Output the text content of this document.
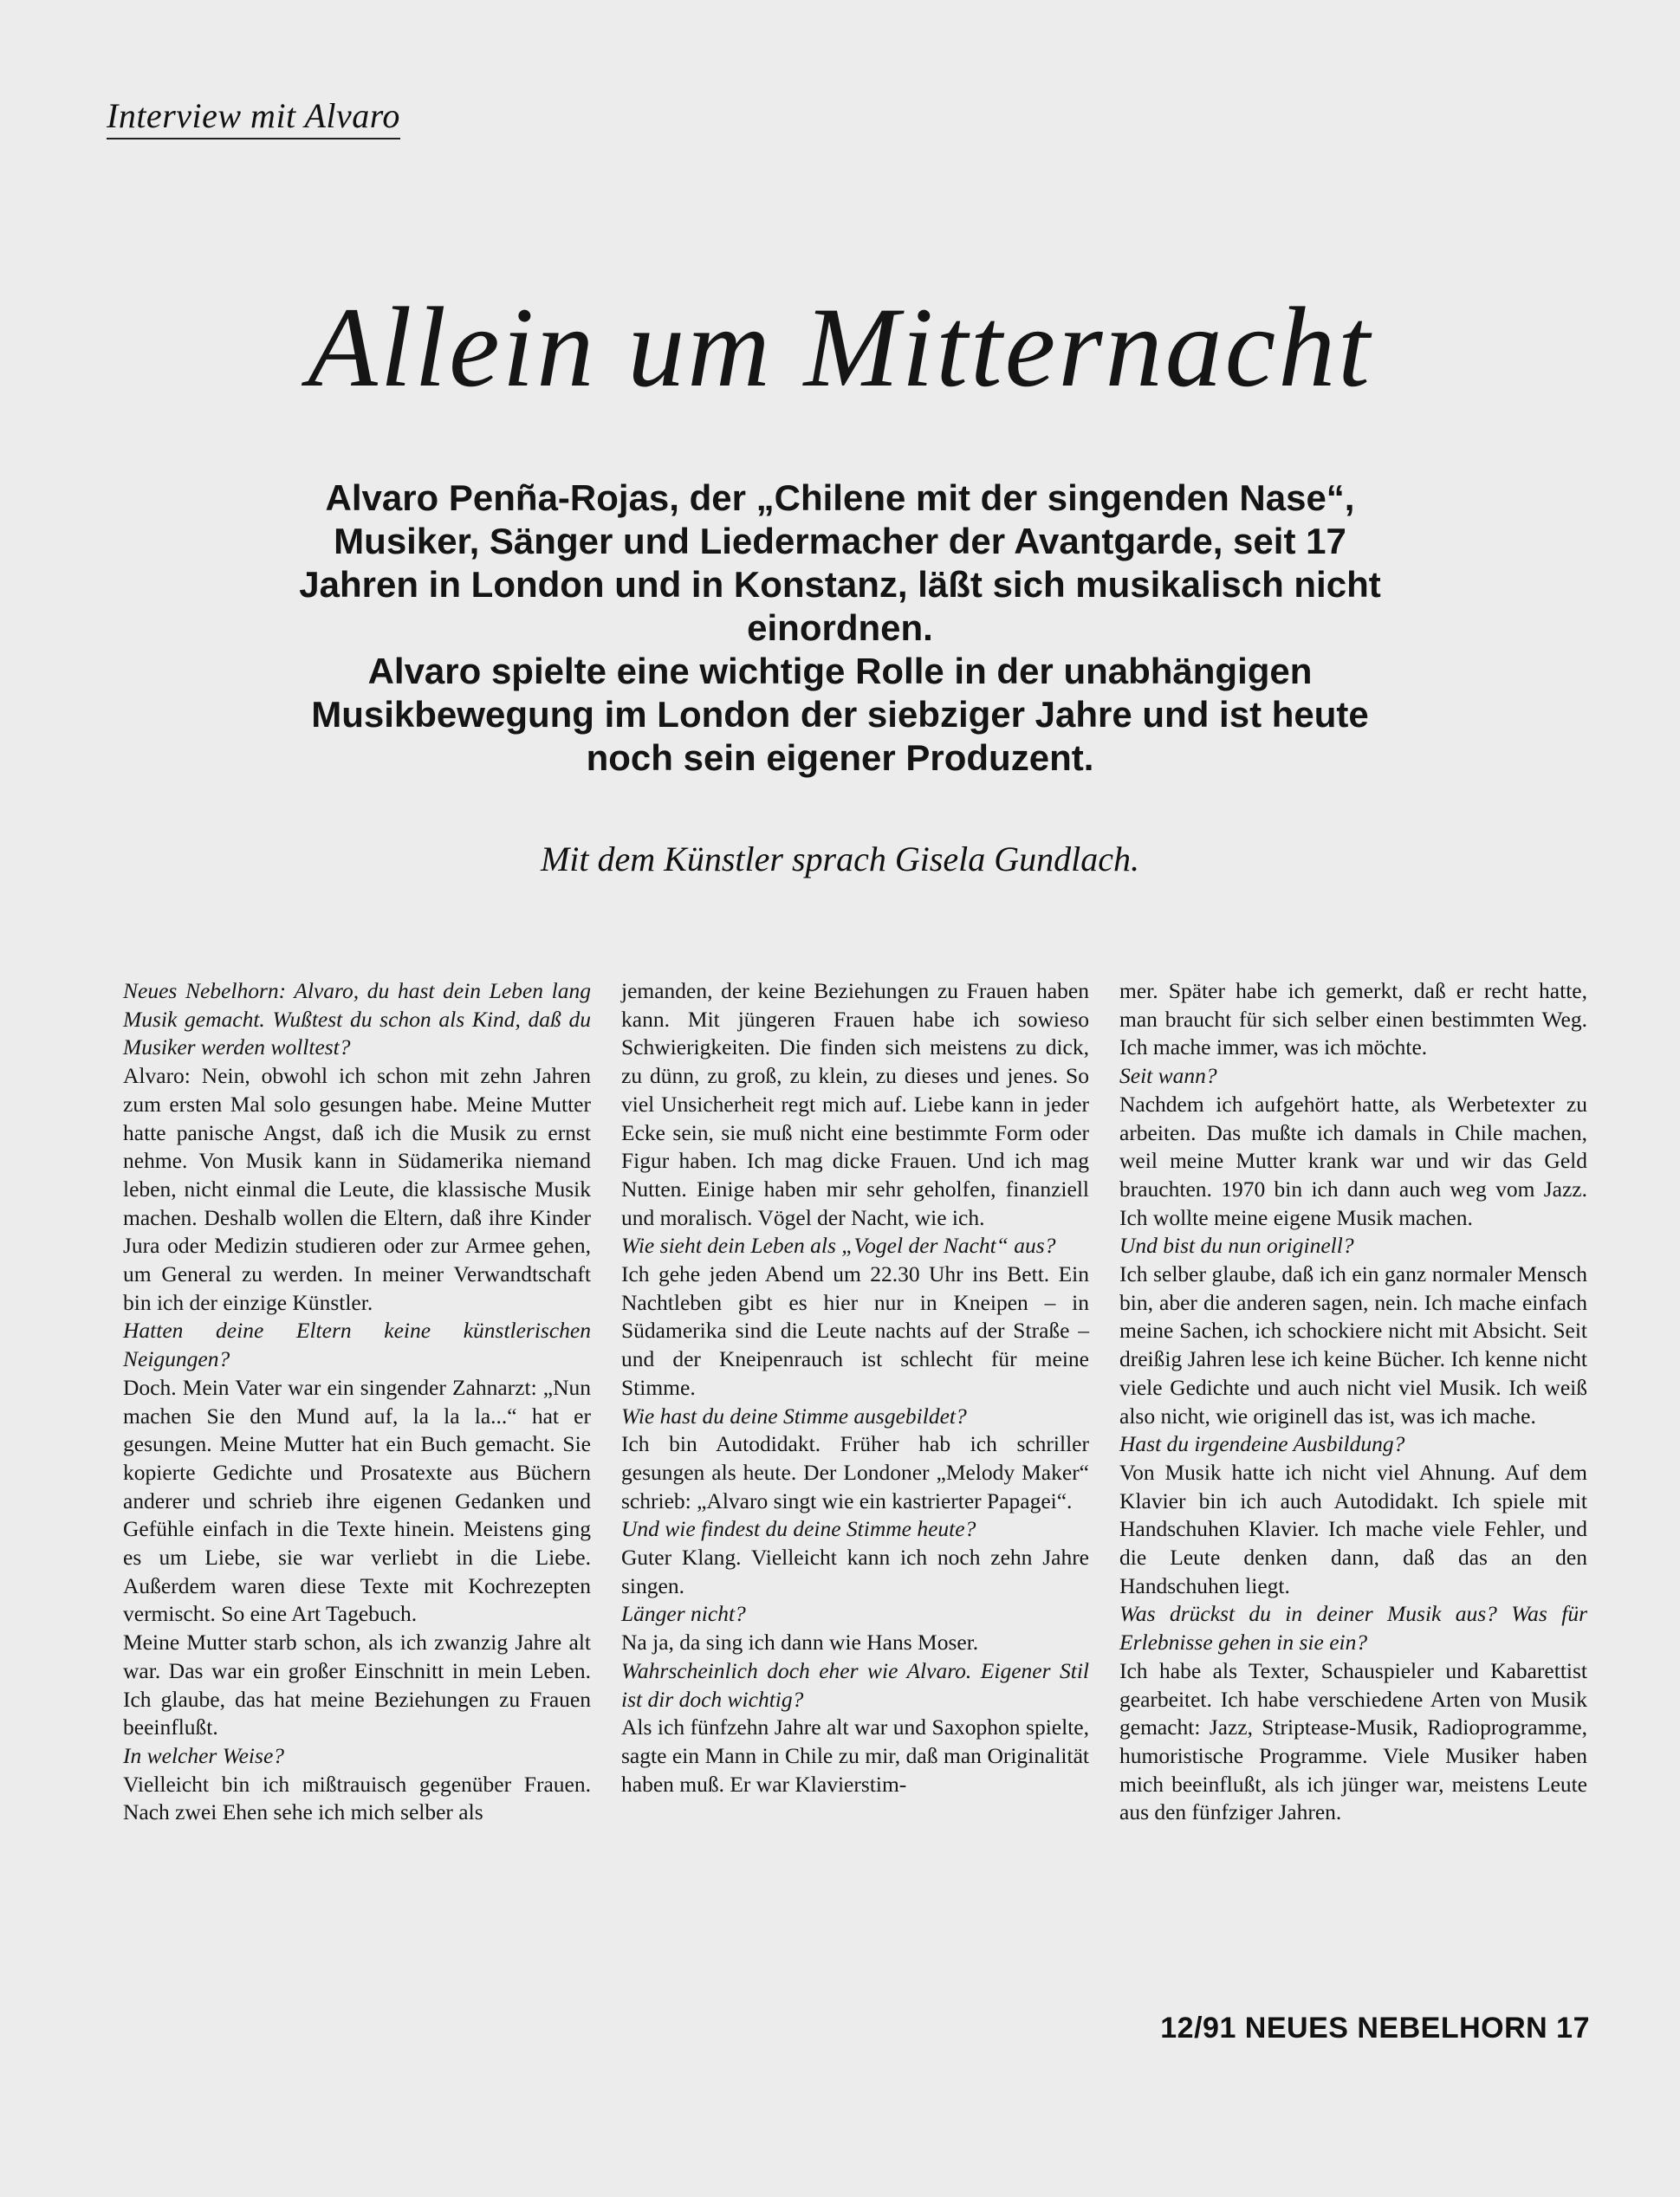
Interview mit Alvaro
Allein um Mitternacht

Alvaro Penña-Rojas, der „Chilene mit der singenden Nase“, Musiker, Sänger und Liedermacher der Avantgarde, seit 17 Jahren in London und in Konstanz, läßt sich musikalisch nicht einordnen.

Alvaro spielte eine wichtige Rolle in der unabhängigen Musikbewegung im London der siebziger Jahre und ist heute noch sein eigener Produzent.

Mit dem Künstler sprach Gisela Gundlach.

Neues Nebelhorn: Alvaro, du hast dein Leben lang Musik gemacht. Wußtest du schon als Kind, daß du Musiker werden wolltest?

Alvaro: Nein, obwohl ich schon mit zehn Jahren zum ersten Mal solo gesungen habe. Meine Mutter hatte panische Angst, daß ich die Musik zu ernst nehme. Von Musik kann in Südamerika niemand leben, nicht einmal die Leute, die klassische Musik machen. Deshalb wollen die Eltern, daß ihre Kinder Jura oder Medizin studieren oder zur Armee gehen, um General zu werden. In meiner Verwandtschaft bin ich der einzige Künstler.

Hatten deine Eltern keine künstlerischen Neigungen?

Doch. Mein Vater war ein singender Zahnarzt: „Nun machen Sie den Mund auf, la la la...“ hat er gesungen. Meine Mutter hat ein Buch gemacht. Sie kopierte Gedichte und Prosatexte aus Büchern anderer und schrieb ihre eigenen Gedanken und Gefühle einfach in die Texte hinein. Meistens ging es um Liebe, sie war verliebt in die Liebe. Außerdem waren diese Texte mit Kochrezepten vermischt. So eine Art Tagebuch.

Meine Mutter starb schon, als ich zwanzig Jahre alt war. Das war ein großer Einschnitt in mein Leben. Ich glaube, das hat meine Beziehungen zu Frauen beeinflußt.

In welcher Weise?

Vielleicht bin ich mißtrauisch gegenüber Frauen. Nach zwei Ehen sehe ich mich selber als

jemanden, der keine Beziehungen zu Frauen haben kann. Mit jüngeren Frauen habe ich sowieso Schwierigkeiten. Die finden sich meistens zu dick, zu dünn, zu groß, zu klein, zu dieses und jenes. So viel Unsicherheit regt mich auf. Liebe kann in jeder Ecke sein, sie muß nicht eine bestimmte Form oder Figur haben. Ich mag dicke Frauen. Und ich mag Nutten. Einige haben mir sehr geholfen, finanziell und moralisch. Vögel der Nacht, wie ich.

Wie sieht dein Leben als „Vogel der Nacht“ aus?

Ich gehe jeden Abend um 22.30 Uhr ins Bett. Ein Nachtleben gibt es hier nur in Kneipen – in Südamerika sind die Leute nachts auf der Straße – und der Kneipenrauch ist schlecht für meine Stimme.

Wie hast du deine Stimme ausgebildet?

Ich bin Autodidakt. Früher hab ich schriller gesungen als heute. Der Londoner „Melody Maker“ schrieb: „Alvaro singt wie ein kastrierter Papagei“.

Und wie findest du deine Stimme heute?

Guter Klang. Vielleicht kann ich noch zehn Jahre singen.

Länger nicht?

Na ja, da sing ich dann wie Hans Moser.

Wahrscheinlich doch eher wie Alvaro. Eigener Stil ist dir doch wichtig?

Als ich fünfzehn Jahre alt war und Saxophon spielte, sagte ein Mann in Chile zu mir, daß man Originalität haben muß. Er war Klavierstim-

mer. Später habe ich gemerkt, daß er recht hatte, man braucht für sich selber einen bestimmten Weg. Ich mache immer, was ich möchte.

Seit wann?

Nachdem ich aufgehört hatte, als Werbetexter zu arbeiten. Das mußte ich damals in Chile machen, weil meine Mutter krank war und wir das Geld brauchten. 1970 bin ich dann auch weg vom Jazz. Ich wollte meine eigene Musik machen.

Und bist du nun originell?

Ich selber glaube, daß ich ein ganz normaler Mensch bin, aber die anderen sagen, nein. Ich mache einfach meine Sachen, ich schockiere nicht mit Absicht. Seit dreißig Jahren lese ich keine Bücher. Ich kenne nicht viele Gedichte und auch nicht viel Musik. Ich weiß also nicht, wie originell das ist, was ich mache.

Hast du irgendeine Ausbildung?

Von Musik hatte ich nicht viel Ahnung. Auf dem Klavier bin ich auch Autodidakt. Ich spiele mit Handschuhen Klavier. Ich mache viele Fehler, und die Leute denken dann, daß das an den Handschuhen liegt.

Was drückst du in deiner Musik aus? Was für Erlebnisse gehen in sie ein?

Ich habe als Texter, Schauspieler und Kabarettist gearbeitet. Ich habe verschiedene Arten von Musik gemacht: Jazz, Striptease-Musik, Radioprogramme, humoristische Programme. Viele Musiker haben mich beeinflußt, als ich jünger war, meistens Leute aus den fünfziger Jahren.

12/91 NEUES NEBELHORN 17
